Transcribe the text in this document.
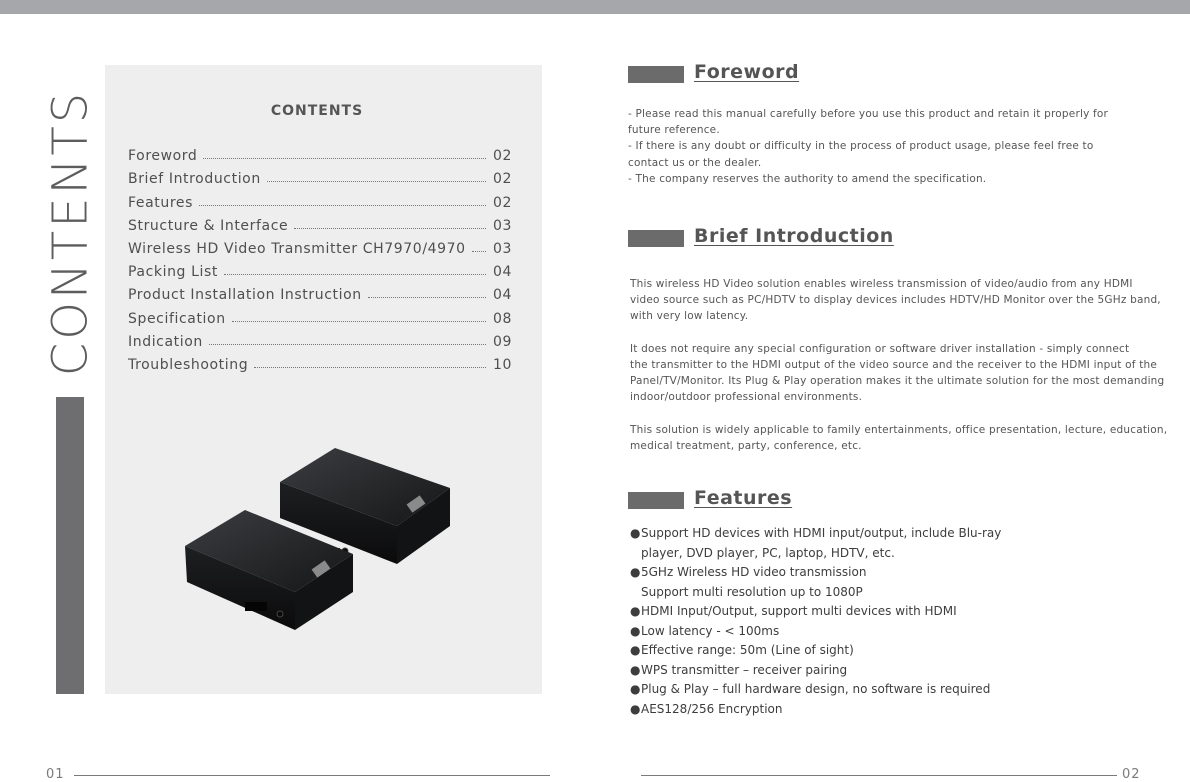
CONTENTS	CONTENTS
Foreword	02
Brief Introduction	02
Features	02
Structure & Interface	03
Wireless HD Video Transmitter CH7970/4970 03
Packing List	04
Product Installation Instruction	04
Specification	08
Indication	09
Troubleshooting	10
01
Foreword

- Please read this manual carefully before you use this product and retain it properly for

future reference.

- If there is any doubt or difficulty in the process of product usage, please feel free to

contact us or the dealer.

- The company reserves the authority to amend the specification.

Brief Introduction

This wireless HD Video solution enables wireless transmission of video/audio from any HDMI

video source such as PC/HDTV to display devices includes HDTV/HD Monitor over the 5GHz band,

with very low latency.

It does not require any special configuration or software driver installation - simply connect

the transmitter to the HDMI output of the video source and the receiver to the HDMI input of the

Panel/TV/Monitor. Its Plug & Play operation makes it the ultimate solution for the most demanding

indoor/outdoor professional environments.

This solution is widely applicable to family entertainments, office presentation, lecture, education,

medical treatment, party, conference, etc.

Features
●Support HD devices with HDMI input/output, include Blu-ray
player, DVD player, PC, laptop, HDTV, etc.
●5GHz Wireless HD video transmission
Support multi resolution up to 1080P
●HDMI Input/Output, support multi devices with HDMI
●Low latency - < 100ms
●Effective range: 50m (Line of sight)
●WPS transmitter – receiver pairing
●Plug & Play – full hardware design, no software is required
●AES128/256 Encryption
02
